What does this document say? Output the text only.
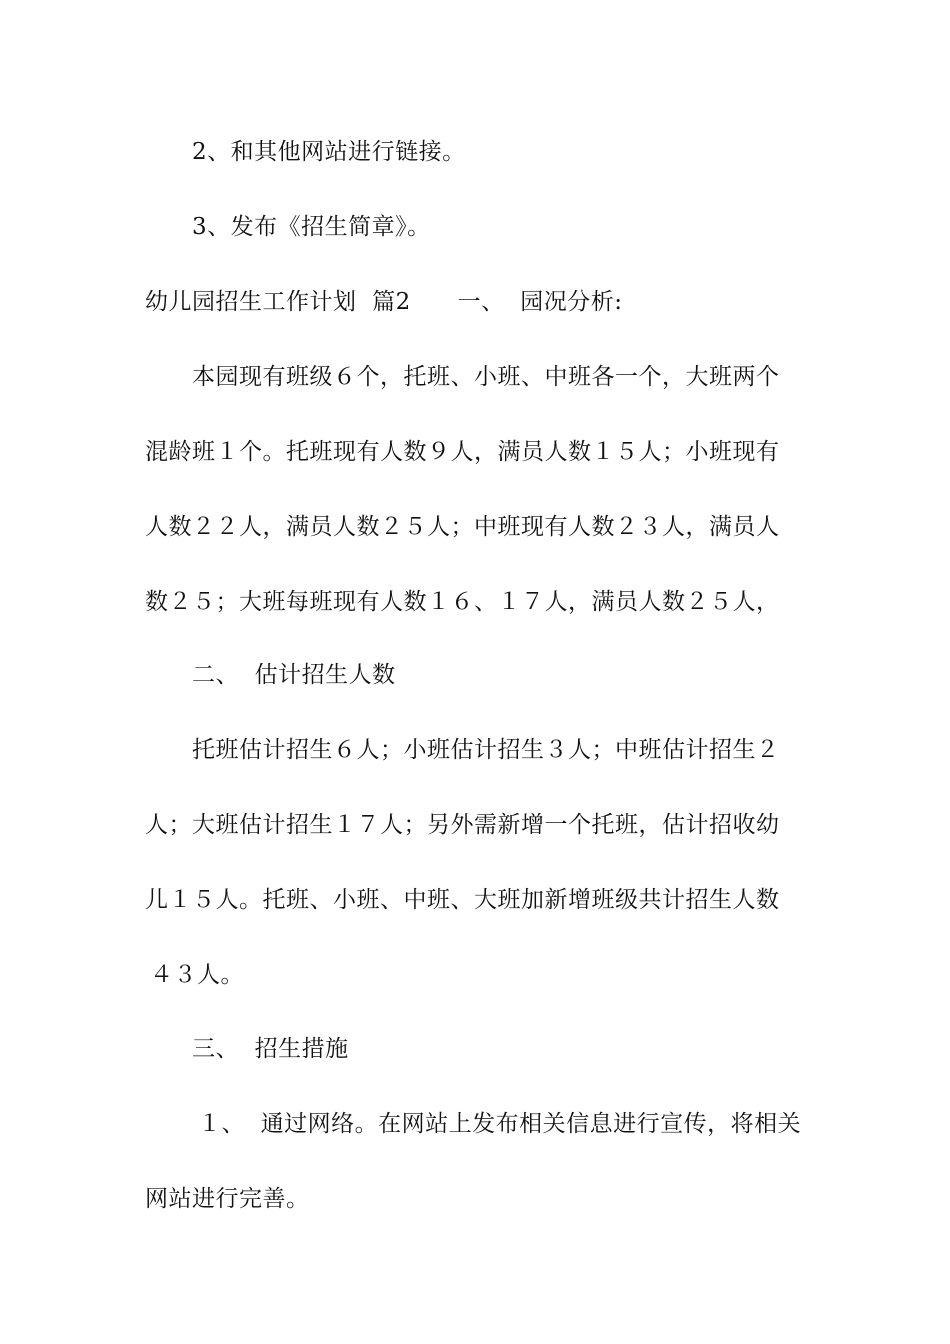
2、和其他网站进行链接。
3、发布《招生简章》。
幼儿园招生工作计划  篇2      一、  园况分析:
本园现有班级６个，托班、小班、中班各一个，大班两个
混龄班１个。托班现有人数９人，满员人数１５人；小班现有
人数２２人，满员人数２５人；中班现有人数２３人，满员人
数２５；大班每班现有人数１６、１７人，满员人数２５人，
二、  估计招生人数
托班估计招生６人；小班估计招生３人；中班估计招生２
人；大班估计招生１７人；另外需新增一个托班，估计招收幼
儿１５人。托班、小班、中班、大班加新增班级共计招生人数
４３人。
三、  招生措施
１、  通过网络。在网站上发布相关信息进行宣传，将相关
网站进行完善。
